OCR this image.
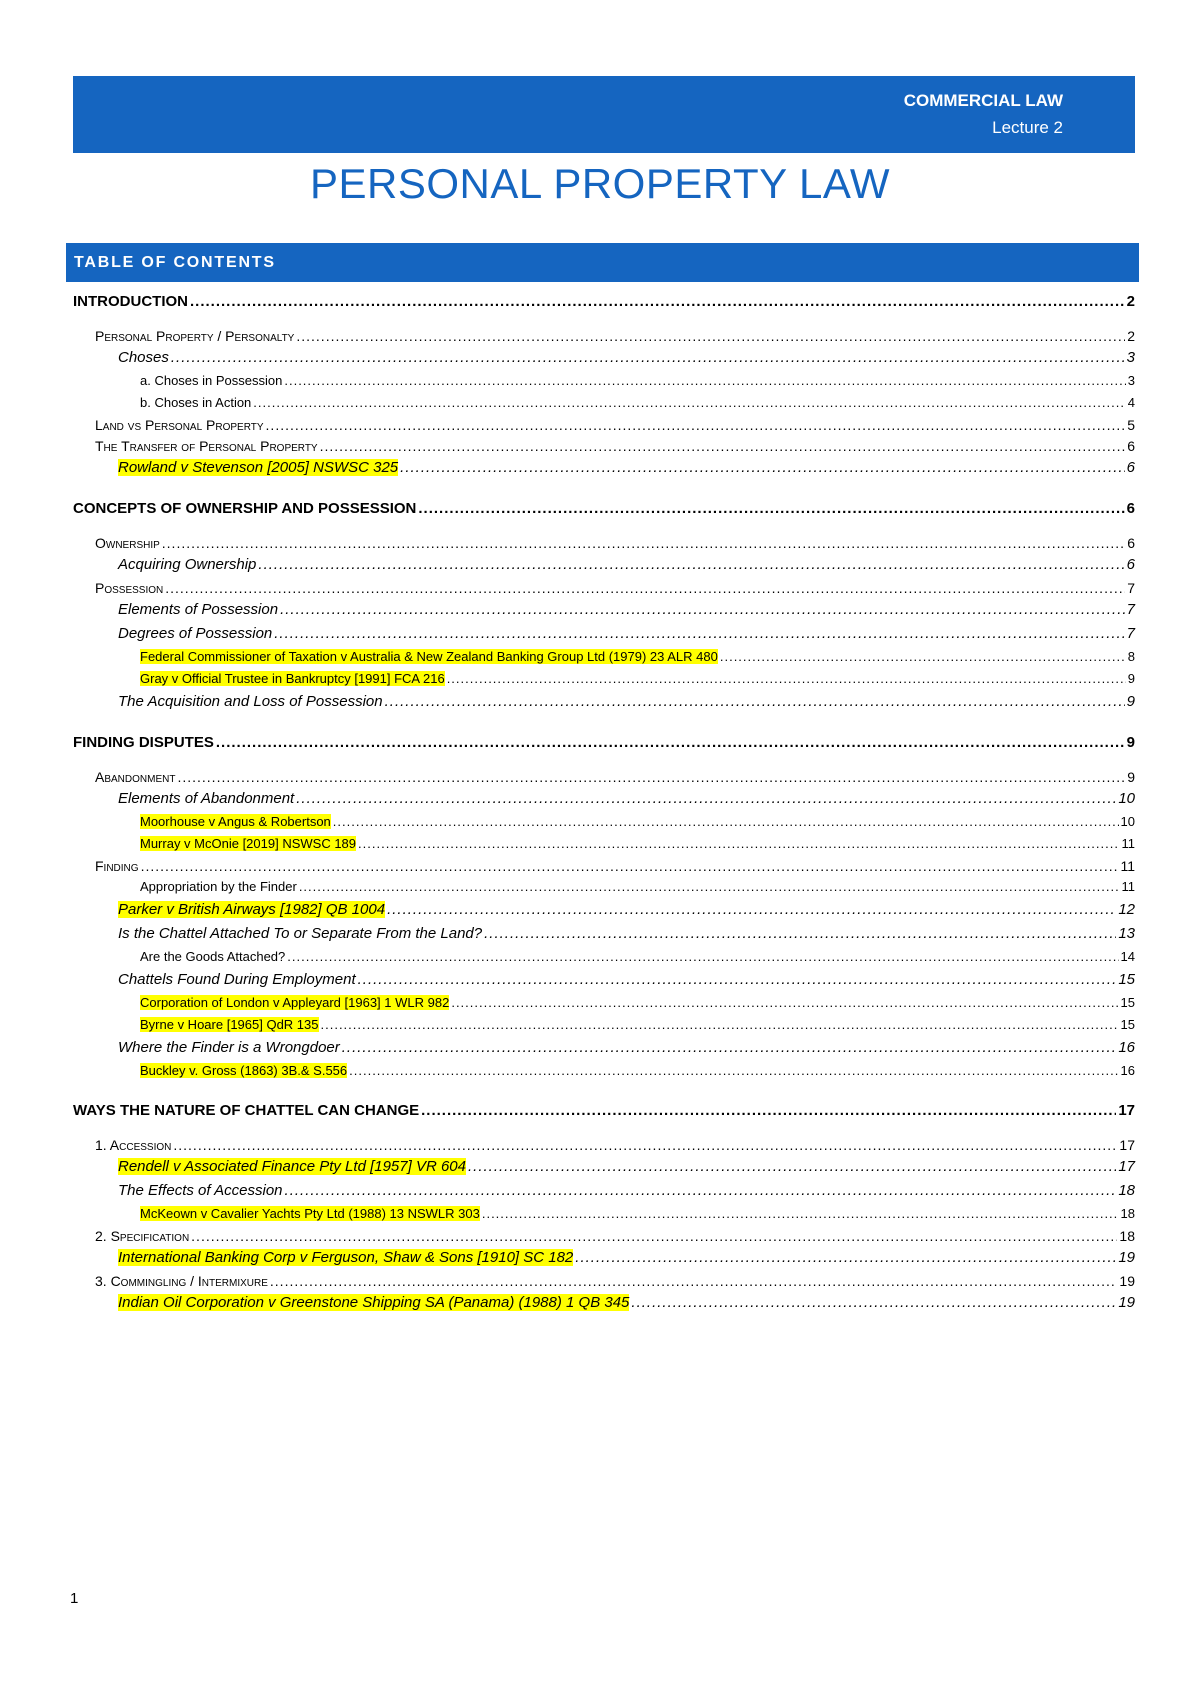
COMMERCIAL LAW
Lecture 2
PERSONAL PROPERTY LAW
TABLE OF CONTENTS
INTRODUCTION .....	2
Personal Property / Personalty .....	2
Choses .....	3
a. Choses in Possession .....	3
b. Choses in Action .....	4
Land vs Personal Property .....	5
The Transfer of Personal Property .....	6
Rowland v Stevenson [2005] NSWSC 325 .....	6
CONCEPTS OF OWNERSHIP AND POSSESSION .....	6
Ownership .....	6
Acquiring Ownership .....	6
Possession .....	7
Elements of Possession .....	7
Degrees of Possession .....	7
Federal Commissioner of Taxation v Australia & New Zealand Banking Group Ltd (1979) 23 ALR 480 .....	8
Gray v Official Trustee in Bankruptcy [1991] FCA 216 .....	9
The Acquisition and Loss of Possession .....	9
FINDING DISPUTES .....	9
Abandonment .....	9
Elements of Abandonment .....	10
Moorhouse v Angus & Robertson .....	10
Murray v McOnie [2019] NSWSC 189 .....	11
Finding .....	11
Appropriation by the Finder .....	11
Parker v British Airways [1982] QB 1004 .....	12
Is the Chattel Attached To or Separate From the Land? .....	13
Are the Goods Attached? .....	14
Chattels Found During Employment .....	15
Corporation of London v Appleyard [1963] 1 WLR 982 .....	15
Byrne v Hoare [1965] QdR 135 .....	15
Where the Finder is a Wrongdoer .....	16
Buckley v. Gross (1863) 3B.& S.556 .....	16
WAYS THE NATURE OF CHATTEL CAN CHANGE .....	17
1. Accession .....	17
Rendell v Associated Finance Pty Ltd [1957] VR 604 .....	17
The Effects of Accession .....	18
McKeown v Cavalier Yachts Pty Ltd (1988) 13 NSWLR 303 .....	18
2. Specification .....	18
International Banking Corp v Ferguson, Shaw & Sons [1910] SC 182 .....	19
3. Commingling / Intermixure .....	19
Indian Oil Corporation v Greenstone Shipping SA (Panama) (1988) 1 QB 345 .....	19
1
